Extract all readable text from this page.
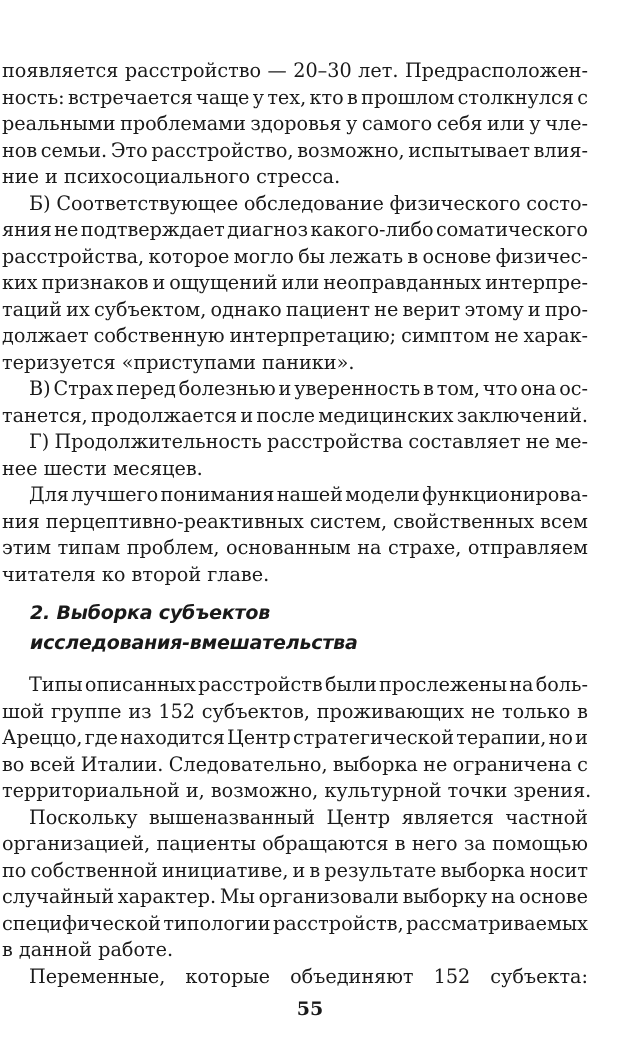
появляется расстройство — 20–30 лет. Предрасположен-
ность: встречается чаще у тех, кто в прошлом столкнулся с
реальными проблемами здоровья у самого себя или у чле-
нов семьи. Это расстройство, возможно, испытывает влия-
ние и психосоциального стресса.
Б) Соответствующее обследование физического состо-
яния не подтверждает диагноз какого-либо соматического
расстройства, которое могло бы лежать в основе физичес-
ких признаков и ощущений или неоправданных интерпре-
таций их субъектом, однако пациент не верит этому и про-
должает собственную интерпретацию; симптом не харак-
теризуется «приступами паники».
В) Страх перед болезнью и уверенность в том, что она ос-
танется, продолжается и после медицинских заключений.
Г) Продолжительность расстройства составляет не ме-
нее шести месяцев.
Для лучшего понимания нашей модели функционирова-
ния перцептивно-реактивных систем, свойственных всем
этим типам проблем, основанным на страхе, отправляем
читателя ко второй главе.
2. Выборка субъектов
исследования-вмешательства
Типы описанных расстройств были прослежены на боль-
шой группе из 152 субъектов, проживающих не только в
Ареццо, где находится Центр стратегической терапии, но и
во всей Италии. Следовательно, выборка не ограничена с
территориальной и, возможно, культурной точки зрения.
Поскольку вышеназванный Центр является частной
организацией, пациенты обращаются в него за помощью
по собственной инициативе, и в результате выборка носит
случайный характер. Мы организовали выборку на основе
специфической типологии расстройств, рассматриваемых
в данной работе.
Переменные, которые объединяют 152 субъекта:
55
